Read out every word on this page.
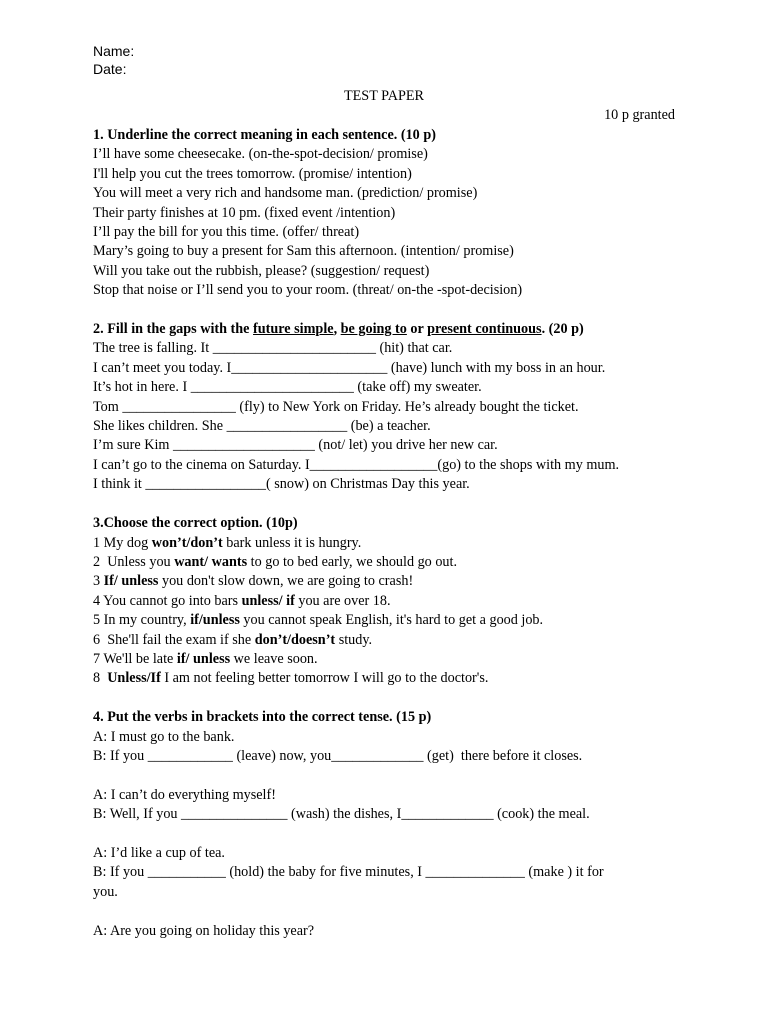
Name:
Date:
TEST PAPER
10 p granted

1. Underline the correct meaning in each sentence. (10 p)

I’ll have some cheesecake. (on-the-spot-decision/ promise)

I'll help you cut the trees tomorrow. (promise/ intention)

You will meet a very rich and handsome man. (prediction/ promise)

Their party finishes at 10 pm. (fixed event /intention)

I’ll pay the bill for you this time. (offer/ threat)

Mary’s going to buy a present for Sam this afternoon. (intention/ promise)

Will you take out the rubbish, please? (suggestion/ request)

Stop that noise or I’ll send you to your room. (threat/ on-the -spot-decision)

2. Fill in the gaps with the future simple, be going to or present continuous. (20 p)

The tree is falling. It _______________________ (hit) that car.

I can’t meet you today. I______________________ (have) lunch with my boss in an hour.

It’s hot in here. I _______________________ (take off) my sweater.

Tom ________________ (fly) to New York on Friday. He’s already bought the ticket.

She likes children. She _________________ (be) a teacher.

I’m sure Kim ____________________ (not/ let) you drive her new car.

I can’t go to the cinema on Saturday. I__________________(go) to the shops with my mum.

I think it _________________( snow) on Christmas Day this year.

3.Choose the correct option. (10p)

1 My dog won’t/don’t bark unless it is hungry.

2  Unless you want/ wants to go to bed early, we should go out.

3 If/ unless you don't slow down, we are going to crash!

4 You cannot go into bars unless/ if you are over 18.

5 In my country, if/unless you cannot speak English, it's hard to get a good job.

6  She'll fail the exam if she don’t/doesn’t study.

7 We'll be late if/ unless we leave soon.

8  Unless/If I am not feeling better tomorrow I will go to the doctor's.

4. Put the verbs in brackets into the correct tense. (15 p)

A: I must go to the bank.

B: If you ____________ (leave) now, you_____________ (get)  there before it closes.

A: I can’t do everything myself!

B: Well, If you _______________ (wash) the dishes, I_____________ (cook) the meal.

A: I’d like a cup of tea.

B: If you ___________ (hold) the baby for five minutes, I ______________ (make ) it for

you.

A: Are you going on holiday this year?
